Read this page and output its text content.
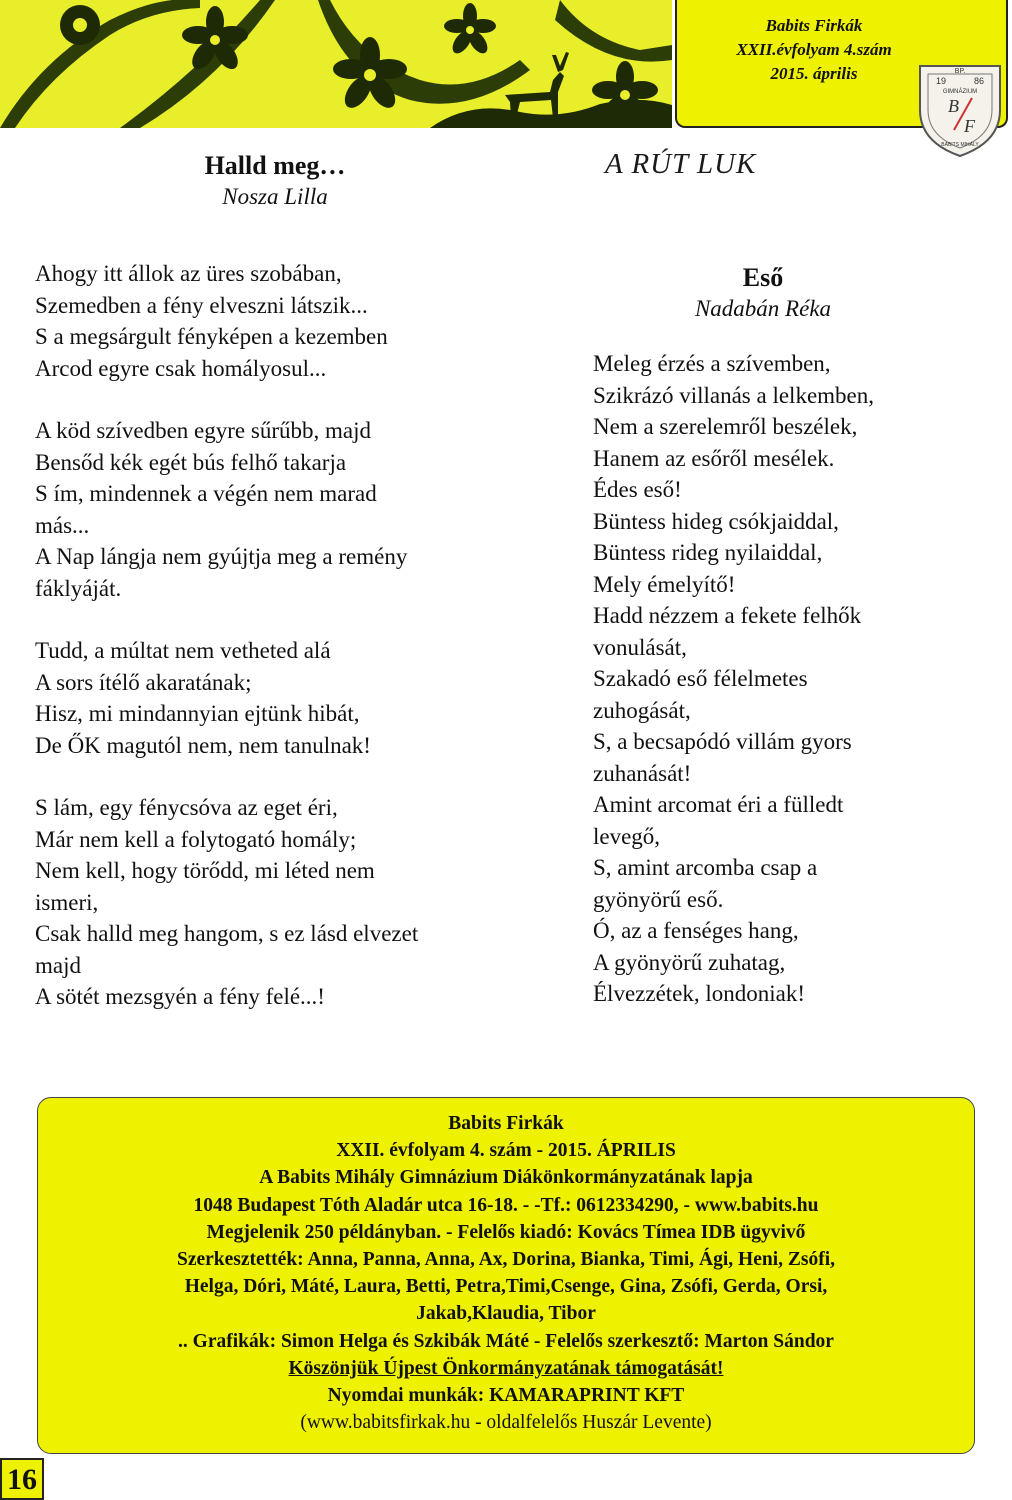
Babits Firkák
XXII.évfolyam 4.szám
2015. április	BP.
19	86
GIMNÁZIUM
B
F
BABITS MIHÁLY
A RÚT LUK
Halld meg…
Nosza Lilla
Ahogy itt állok az üres szobában,
Szemedben a fény elveszni látszik...
S a megsárgult fényképen a kezemben
Arcod egyre csak homályosul...
A köd szívedben egyre sűrűbb, majd
Bensőd kék egét bús felhő takarja
S ím, mindennek a végén nem marad
más...
A Nap lángja nem gyújtja meg a remény
fáklyáját.
Tudd, a múltat nem vetheted alá
A sors ítélő akaratának;
Hisz, mi mindannyian ejtünk hibát,
De ŐK magutól nem, nem tanulnak!
S lám, egy fénycsóva az eget éri,
Már nem kell a folytogató homály;
Nem kell, hogy törődd, mi léted nem
ismeri,
Csak halld meg hangom, s ez lásd elvezet
majd
A sötét mezsgyén a fény felé...!
Eső
Nadabán Réka
Meleg érzés a szívemben,
Szikrázó villanás a lelkemben,
Nem a szerelemről beszélek,
Hanem az esőről mesélek.
Édes eső!
Büntess hideg csókjaiddal,
Büntess rideg nyilaiddal,
Mely émelyítő!
Hadd nézzem a fekete felhők
vonulását,
Szakadó eső félelmetes
zuhogását,
S, a becsapódó villám gyors
zuhanását!
Amint arcomat éri a fülledt
levegő,
S, amint arcomba csap a
gyönyörű eső.
Ó, az a fenséges hang,
A gyönyörű zuhatag,
Élvezzétek, londoniak!
Babits Firkák
XXII. évfolyam 4. szám - 2015. ÁPRILIS
A Babits Mihály Gimnázium Diákönkormányzatának lapja
1048 Budapest Tóth Aladár utca 16-18. - -Tf.: 0612334290, - www.babits.hu
Megjelenik 250 példányban. - Felelős kiadó: Kovács Tímea IDB ügyvivő
Szerkesztették: Anna, Panna, Anna, Ax, Dorina, Bianka, Timi, Ági, Heni, Zsófi,
Helga, Dóri, Máté, Laura, Betti, Petra,Timi,Csenge, Gina, Zsófi, Gerda, Orsi,
Jakab,Klaudia, Tibor
.. Grafikák: Simon Helga és Szkibák Máté - Felelős szerkesztő: Marton Sándor
Köszönjük Újpest Önkormányzatának támogatását!
Nyomdai munkák: KAMARAPRINT KFT
(www.babitsfirkak.hu - oldalfelelős Huszár Levente)
16
